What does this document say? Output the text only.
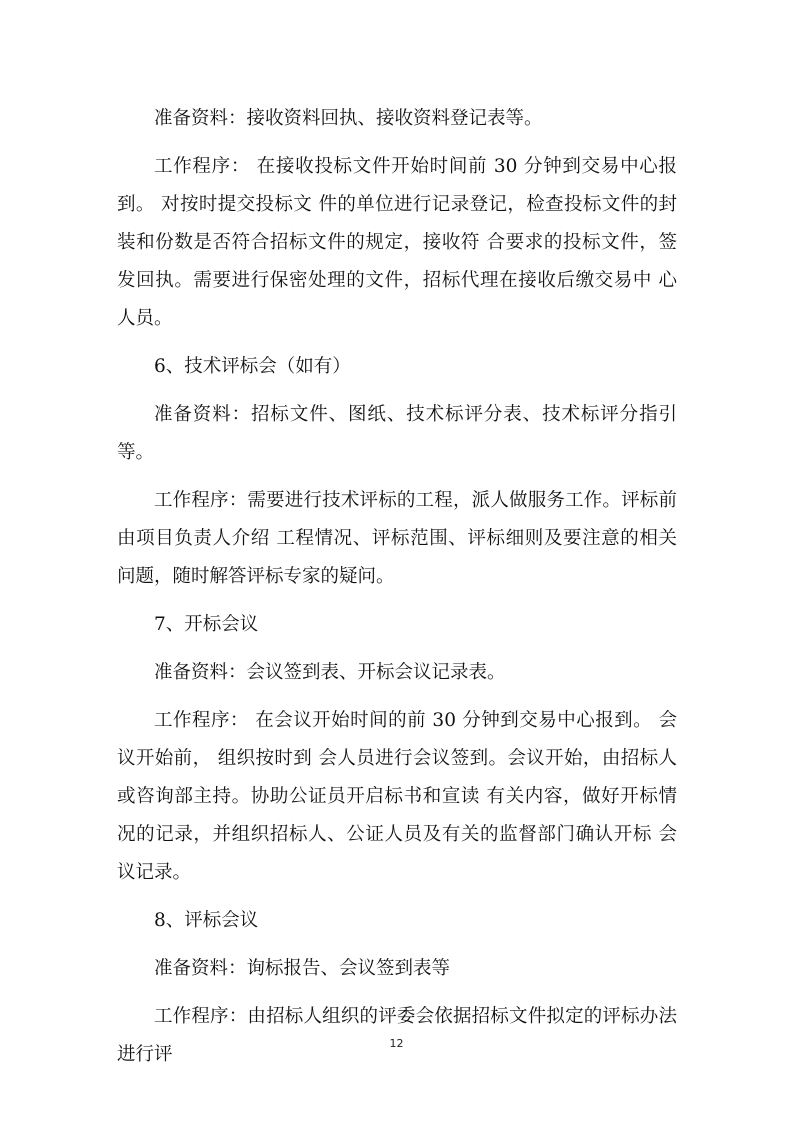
准备资料：接收资料回执、接收资料登记表等。

工作程序： 在接收投标文件开始时间前 30 分钟到交易中心报到。 对按时提交投标文 件的单位进行记录登记，检查投标文件的封装和份数是否符合招标文件的规定，接收符 合要求的投标文件，签发回执。需要进行保密处理的文件，招标代理在接收后缴交易中 心人员。

6、技术评标会（如有）

准备资料：招标文件、图纸、技术标评分表、技术标评分指引等。

工作程序：需要进行技术评标的工程，派人做服务工作。评标前由项目负责人介绍 工程情况、评标范围、评标细则及要注意的相关问题，随时解答评标专家的疑问。

7、开标会议

准备资料：会议签到表、开标会议记录表。

工作程序： 在会议开始时间的前 30 分钟到交易中心报到。 会议开始前， 组织按时到 会人员进行会议签到。会议开始，由招标人或咨询部主持。协助公证员开启标书和宣读 有关内容，做好开标情况的记录，并组织招标人、公证人员及有关的监督部门确认开标 会议记录。

8、评标会议

准备资料：询标报告、会议签到表等

工作程序：由招标人组织的评委会依据招标文件拟定的评标办法进行评

12
